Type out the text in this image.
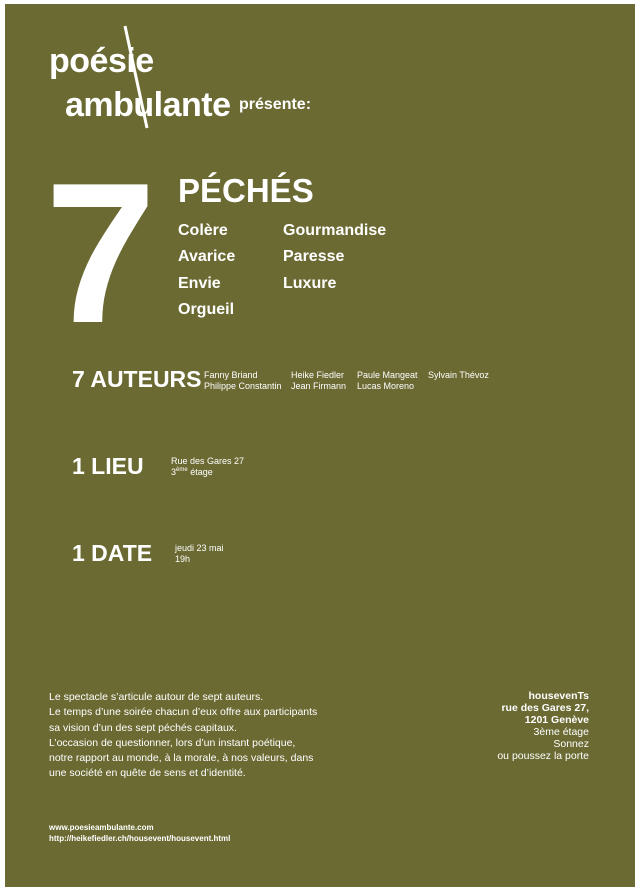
poésie
ambulante présente:
7 PÉCHÉS
Colère
Avarice
Envie
Orgueil
Gourmandise
Paresse
Luxure
7 AUTEURS Fanny Briand
Philippe Constantin
Heike Fiedler
Jean Firmann
Paule Mangeat
Lucas Moreno
Sylvain Thévoz
1 LIEU	Rue des Gares 27
3ème étage
1 DATE	jeudi 23 mai
19h
Le spectacle s’articule autour de sept auteurs.
Le temps d’une soirée chacun d’eux offre aux participants
sa vision d’un des sept péchés capitaux.
L’occasion de questionner, lors d’un instant poétique,
notre rapport au monde, à la morale, à nos valeurs, dans
une société en quête de sens et d’identité.
housevenTs
rue des Gares 27,
1201 Genève
3ème étage
Sonnez
ou poussez la porte
www.poesieambulante.com
http://heikefiedler.ch/housevent/housevent.html
